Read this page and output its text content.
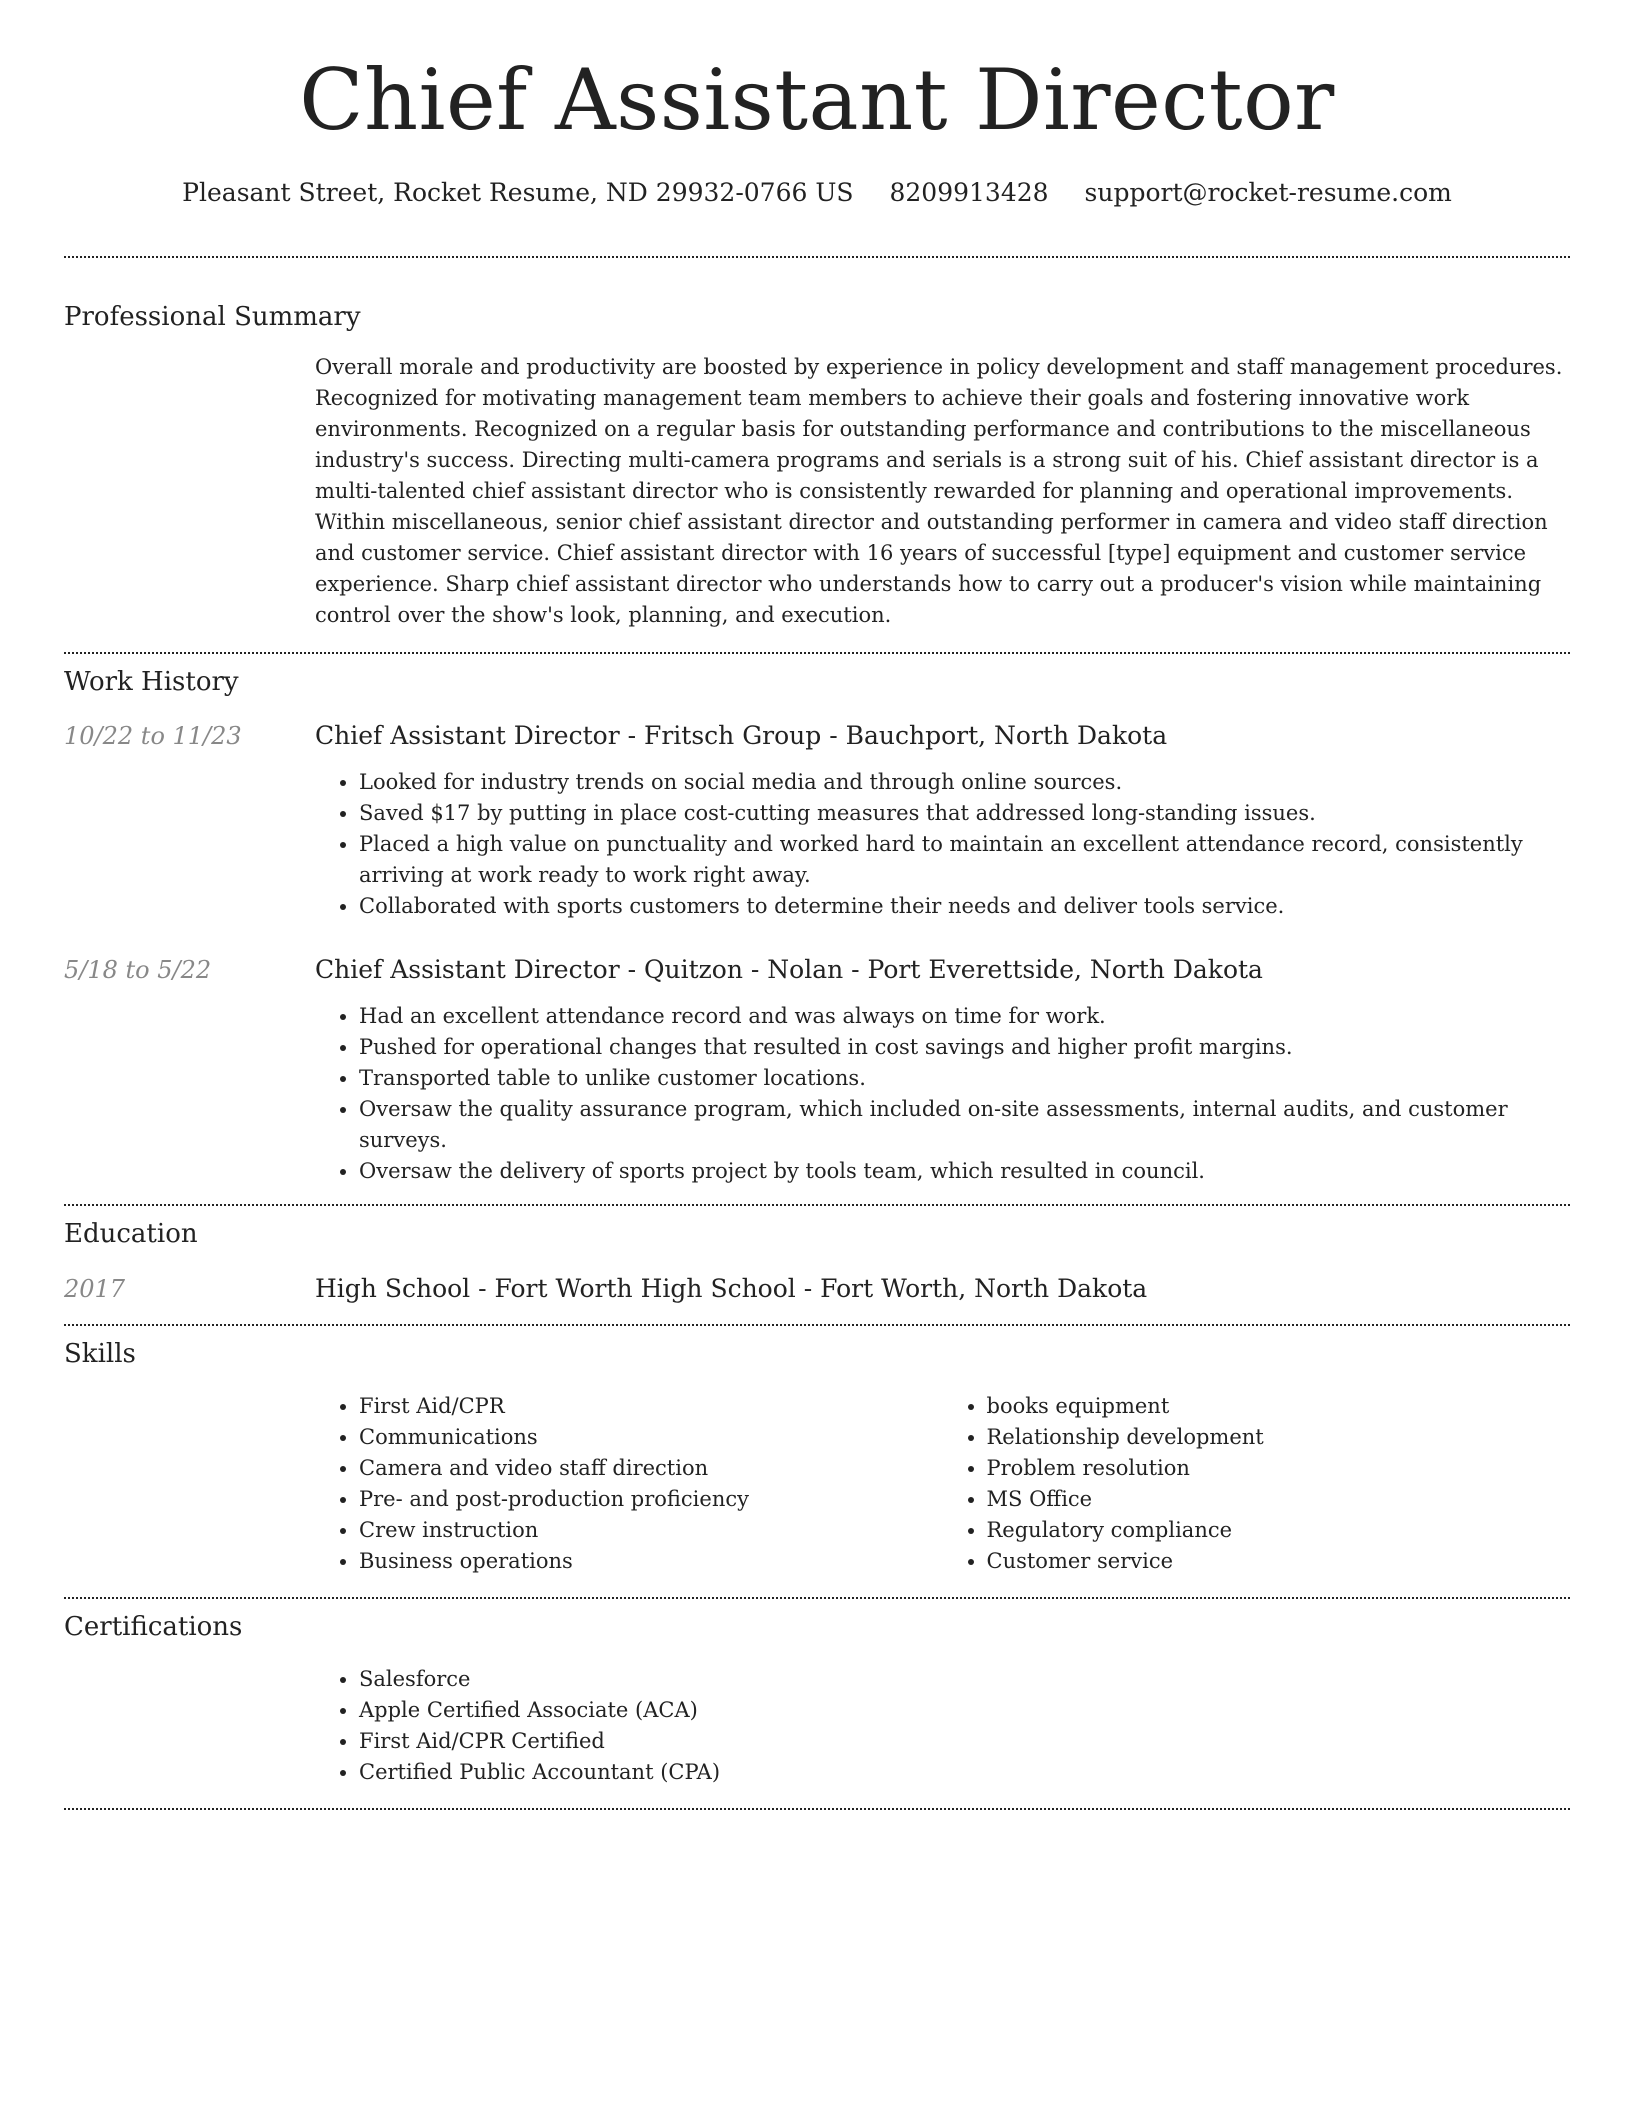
Chief Assistant Director
Pleasant Street, Rocket Resume, ND 29932-0766 US 8209913428 support@rocket-resume.com
Professional Summary

Overall morale and productivity are boosted by experience in policy development and staff management procedures. Recognized for motivating management team members to achieve their goals and fostering innovative work environments. Recognized on a regular basis for outstanding performance and contributions to the miscellaneous industry's success. Directing multi-camera programs and serials is a strong suit of his. Chief assistant director is a multi-talented chief assistant director who is consistently rewarded for planning and operational improvements. Within miscellaneous, senior chief assistant director and outstanding performer in camera and video staff direction and customer service. Chief assistant director with 16 years of successful [type] equipment and customer service experience. Sharp chief assistant director who understands how to carry out a producer's vision while maintaining control over the show's look, planning, and execution.

Work History
10/22 to 11/23	Chief Assistant Director - Fritsch Group - Bauchport, North Dakota
• Looked for industry trends on social media and through online sources.
• Saved $17 by putting in place cost-cutting measures that addressed long-standing issues.
• Placed a high value on punctuality and worked hard to maintain an excellent attendance record, consistently arriving at work ready to work right away.
• Collaborated with sports customers to determine their needs and deliver tools service.
5/18 to 5/22	Chief Assistant Director - Quitzon - Nolan - Port Everettside, North Dakota
• Had an excellent attendance record and was always on time for work.
• Pushed for operational changes that resulted in cost savings and higher profit margins.
• Transported table to unlike customer locations.
• Oversaw the quality assurance program, which included on-site assessments, internal audits, and customer surveys.
• Oversaw the delivery of sports project by tools team, which resulted in council.
Education
2017	High School - Fort Worth High School - Fort Worth, North Dakota
Skills
• First Aid/CPR
• Communications
• Camera and video staff direction
• Pre- and post-production proficiency
• Crew instruction
• Business operations
• books equipment
• Relationship development
• Problem resolution
• MS Office
• Regulatory compliance
• Customer service
Certifications
• Salesforce
• Apple Certified Associate (ACA)
• First Aid/CPR Certified
• Certified Public Accountant (CPA)
